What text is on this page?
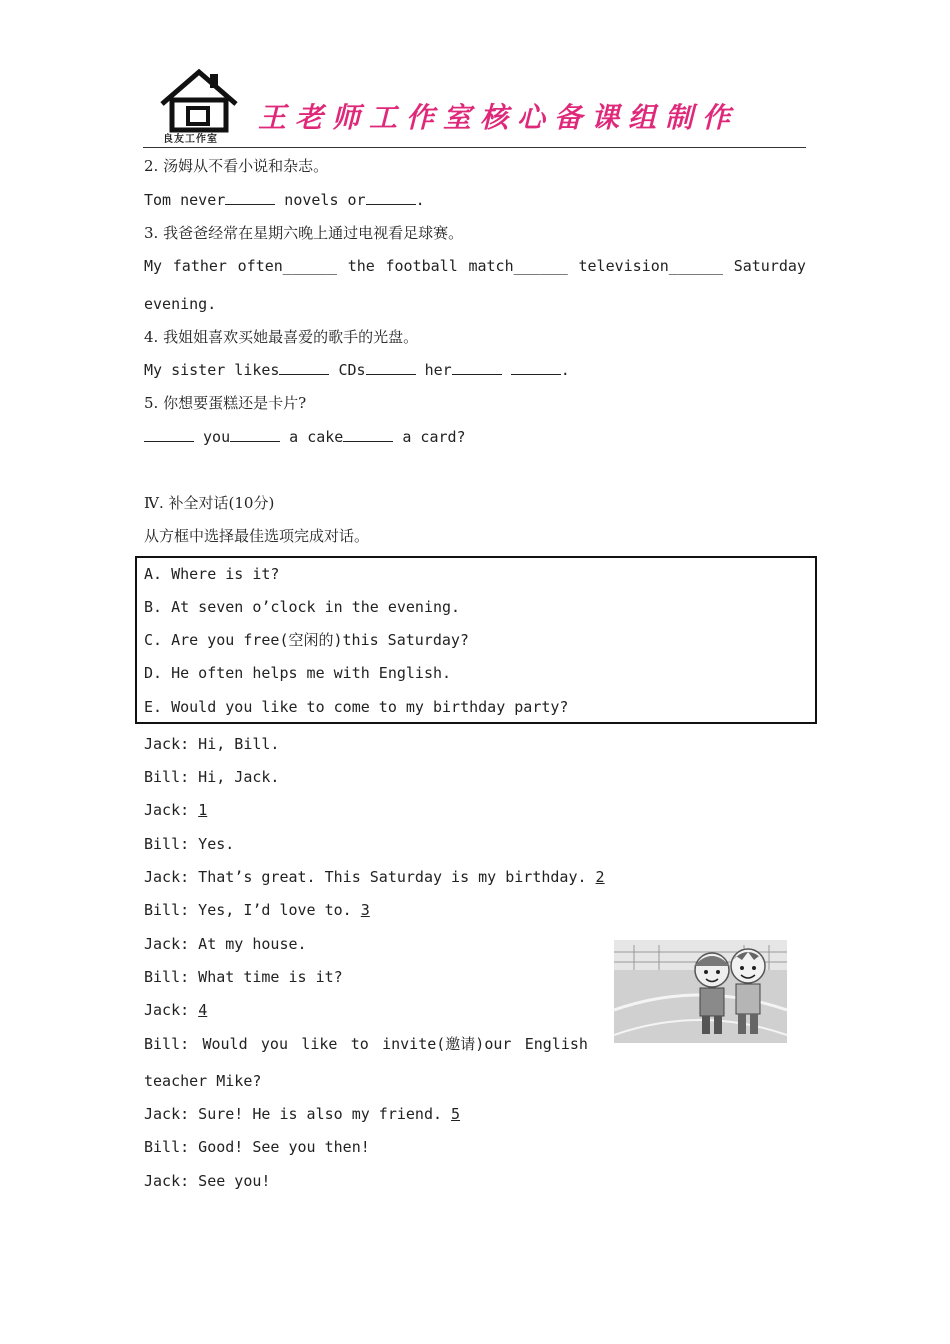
良友工作室
王老师工作室核心备课组制作
2. 汤姆从不看小说和杂志。
Tom never	novels or	.
3. 我爸爸经常在星期六晚上通过电视看足球赛。
My father often______ the football match______ television______ Saturday
evening.
4. 我姐姐喜欢买她最喜爱的歌手的光盘。
My sister likes	CDs	her	.
5. 你想要蛋糕还是卡片?
you	a cake	a card?
Ⅳ. 补全对话(10分)
从方框中选择最佳选项完成对话。
A. Where is it?
B. At seven o’clock in the evening.
C. Are you free(空闲的)this Saturday?
D. He often helps me with English.
E. Would you like to come to my birthday party?
Jack: Hi, Bill.
Bill: Hi, Jack.
Jack: 1
Bill: Yes.
Jack: That’s great. This Saturday is my birthday. 2
Bill: Yes, I’d love to. 3
Jack: At my house.
Bill: What time is it?
Jack: 4
Bill: Would you like to invite(邀请)our English
teacher Mike?
Jack: Sure! He is also my friend. 5
Bill: Good! See you then!
Jack: See you!
